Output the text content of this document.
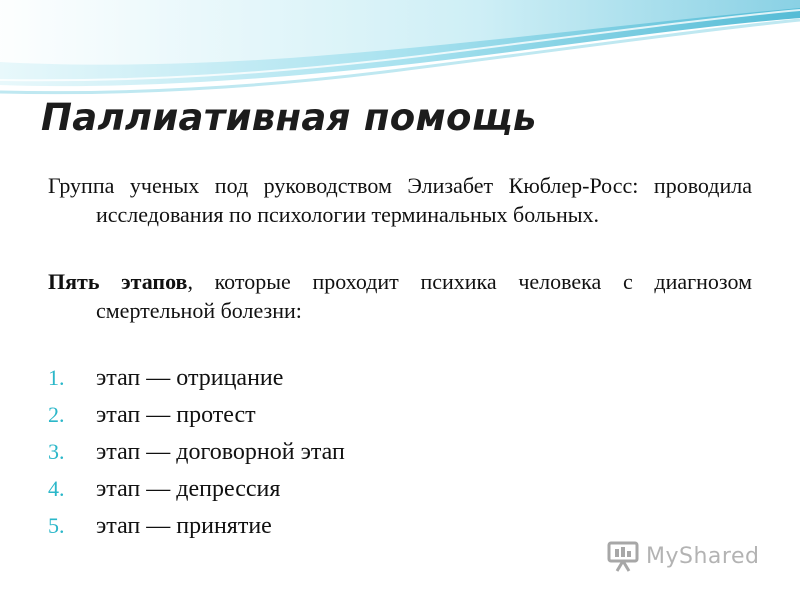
Паллиативная помощь
Группа ученых под руководством Элизабет Кюблер-Росс: проводила исследования по психологии терминальных больных.
Пять этапов, которые проходит психика человека с диагнозом смертельной болезни:
1. этап — отрицание
2. этап — протест
3. этап — договорной этап
4. этап — депрессия
5. этап — принятие
MyShared
